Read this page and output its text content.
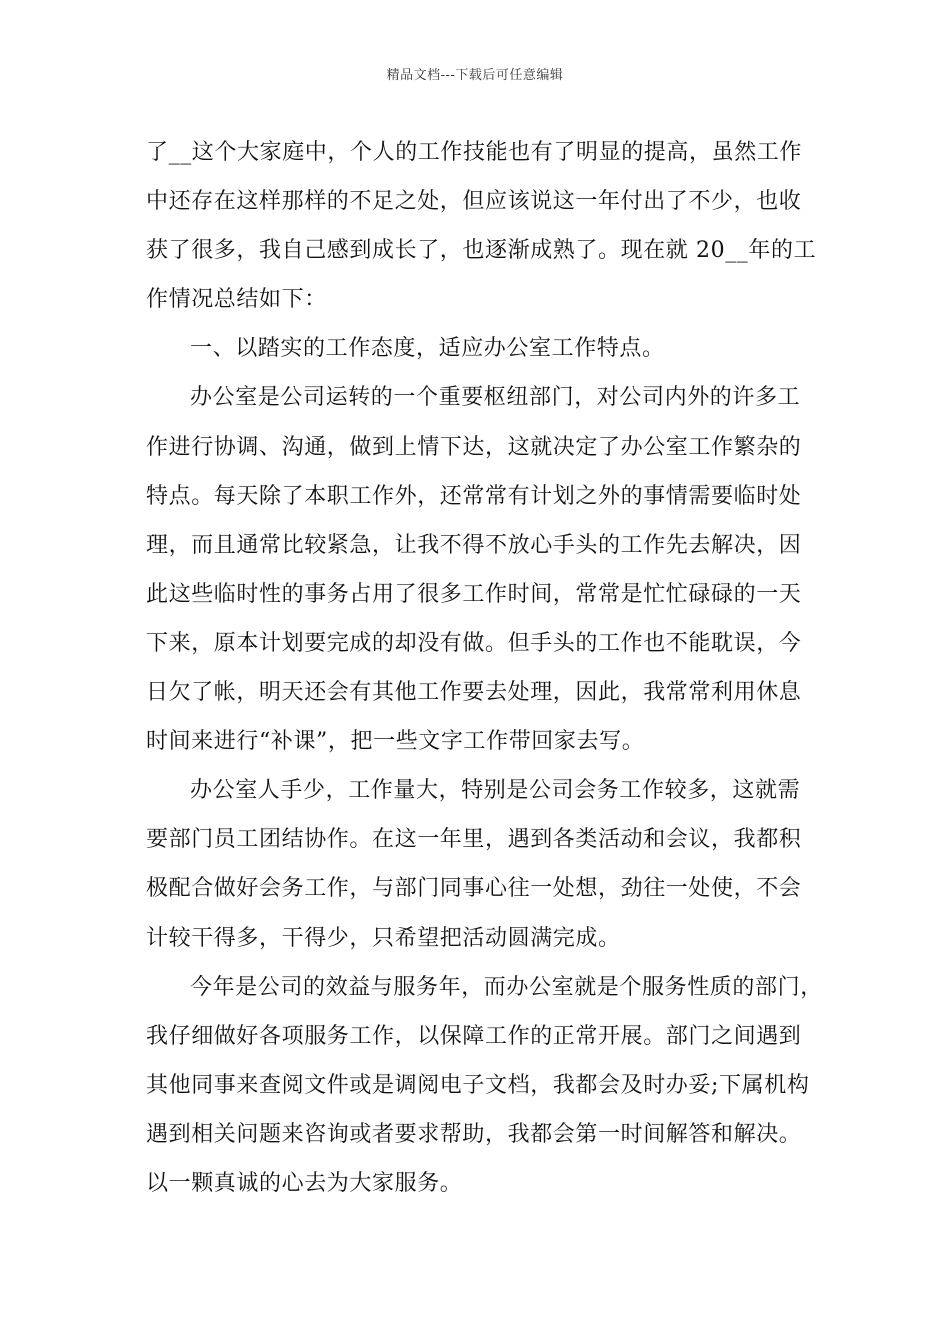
精品文档---下载后可任意编辑
了__这个大家庭中，个人的工作技能也有了明显的提高，虽然工作
中还存在这样那样的不足之处，但应该说这一年付出了不少，也收
获了很多，我自己感到成长了，也逐渐成熟了。现在就 20__年的工
作情况总结如下：
一、以踏实的工作态度，适应办公室工作特点。
办公室是公司运转的一个重要枢纽部门，对公司内外的许多工
作进行协调、沟通，做到上情下达，这就决定了办公室工作繁杂的
特点。每天除了本职工作外，还常常有计划之外的事情需要临时处
理，而且通常比较紧急，让我不得不放心手头的工作先去解决，因
此这些临时性的事务占用了很多工作时间，常常是忙忙碌碌的一天
下来，原本计划要完成的却没有做。但手头的工作也不能耽误，今
日欠了帐，明天还会有其他工作要去处理，因此，我常常利用休息
时间来进行“补课”，把一些文字工作带回家去写。
办公室人手少，工作量大，特别是公司会务工作较多，这就需
要部门员工团结协作。在这一年里，遇到各类活动和会议，我都积
极配合做好会务工作，与部门同事心往一处想，劲往一处使，不会
计较干得多，干得少，只希望把活动圆满完成。
今年是公司的效益与服务年，而办公室就是个服务性质的部门，
我仔细做好各项服务工作，以保障工作的正常开展。部门之间遇到
其他同事来查阅文件或是调阅电子文档，我都会及时办妥;下属机构
遇到相关问题来咨询或者要求帮助，我都会第一时间解答和解决。
以一颗真诚的心去为大家服务。
